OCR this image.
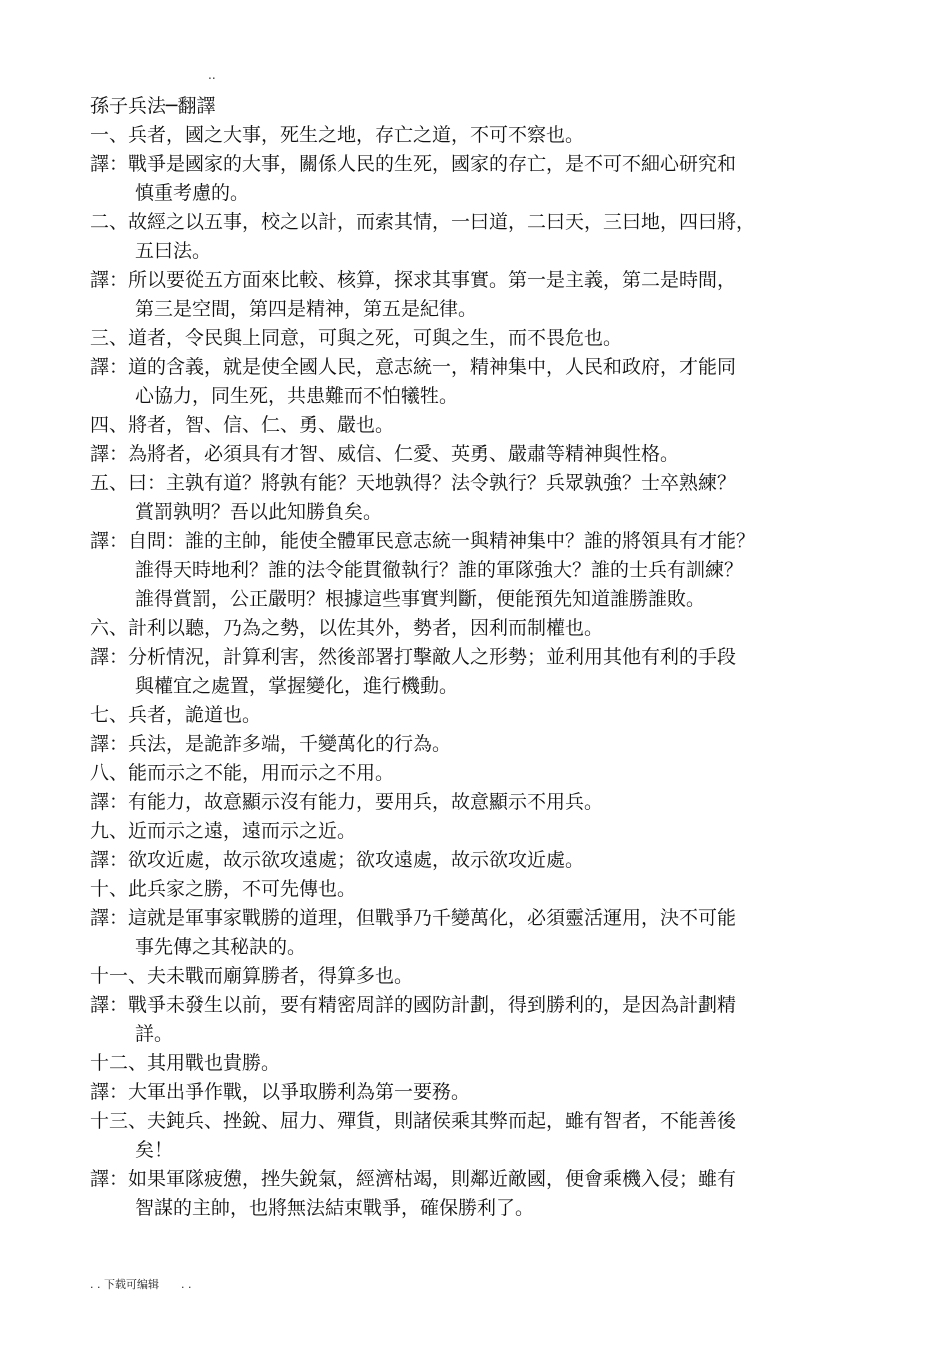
..
孫子兵法─翻譯
一、兵者，國之大事，死生之地，存亡之道，不可不察也。
譯：戰爭是國家的大事，關係人民的生死，國家的存亡，是不可不細心研究和
慎重考慮的。
二、故經之以五事，校之以計，而索其情，一曰道，二曰天，三曰地，四曰將，
五曰法。
譯：所以要從五方面來比較、核算，探求其事實。第一是主義，第二是時間，
第三是空間，第四是精神，第五是紀律。
三、道者，令民與上同意，可與之死，可與之生，而不畏危也。
譯：道的含義，就是使全國人民，意志統一，精神集中，人民和政府，才能同
心協力，同生死，共患難而不怕犧牲。
四、將者，智、信、仁、勇、嚴也。
譯：為將者，必須具有才智、威信、仁愛、英勇、嚴肅等精神與性格。
五、曰：主孰有道？將孰有能？天地孰得？法令孰行？兵眾孰強？士卒熟練？
賞罰孰明？吾以此知勝負矣。
譯：自問：誰的主帥，能使全體軍民意志統一與精神集中？誰的將領具有才能？
誰得天時地利？誰的法令能貫徹執行？誰的軍隊強大？誰的士兵有訓練？
誰得賞罰，公正嚴明？根據這些事實判斷，便能預先知道誰勝誰敗。
六、計利以聽，乃為之勢，以佐其外，勢者，因利而制權也。
譯：分析情況，計算利害，然後部署打擊敵人之形勢；並利用其他有利的手段
與權宜之處置，掌握變化，進行機動。
七、兵者，詭道也。
譯：兵法，是詭詐多端，千變萬化的行為。
八、能而示之不能，用而示之不用。
譯：有能力，故意顯示沒有能力，要用兵，故意顯示不用兵。
九、近而示之遠，遠而示之近。
譯：欲攻近處，故示欲攻遠處；欲攻遠處，故示欲攻近處。
十、此兵家之勝，不可先傳也。
譯：這就是軍事家戰勝的道理，但戰爭乃千變萬化，必須靈活運用，決不可能
事先傳之其秘訣的。
十一、夫未戰而廟算勝者，得算多也。
譯：戰爭未發生以前，要有精密周詳的國防計劃，得到勝利的，是因為計劃精
詳。
十二、其用戰也貴勝。
譯：大軍出爭作戰，以爭取勝利為第一要務。
十三、夫鈍兵、挫銳、屈力、殫貨，則諸侯乘其弊而起，雖有智者，不能善後
矣！
譯：如果軍隊疲憊，挫失銳氣，經濟枯竭，則鄰近敵國，便會乘機入侵；雖有
智謀的主帥，也將無法結束戰爭，確保勝利了。
. . 下载可编辑　　. .
